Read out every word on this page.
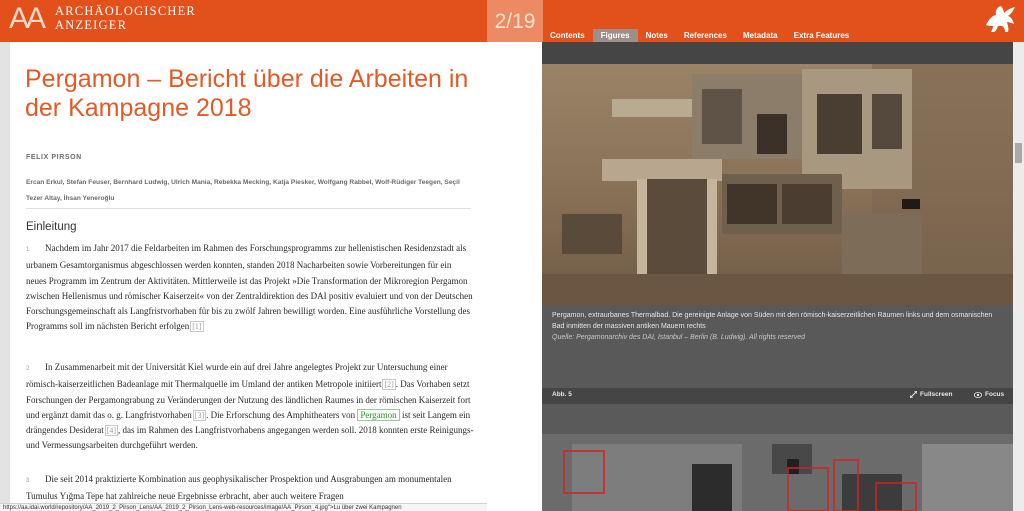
AA ARCHÄOLOGISCHER
ANZEIGER	2/19
Contents	Figures	Notes	References	Metadata	Extra Features
Pergamon – Bericht über die Arbeiten in der Kampagne 2018
FELIX PIRSON
Ercan Erkul, Stefan Feuser, Bernhard Ludwig, Ulrich Mania, Rebekka Mecking, Katja Piesker, Wolfgang Rabbel, Wolf-Rüdiger Teegen, Seçil Tezer Altay, İhsan Yeneroğlu
Einleitung

1 Nachdem im Jahr 2017 die Feldarbeiten im Rahmen des Forschungsprogramms zur hellenistischen Residenzstadt als urbanem Gesamtorganismus abgeschlossen werden konnten, standen 2018 Nacharbeiten sowie Vorbereitungen für ein neues Programm im Zentrum der Aktivitäten. Mittlerweile ist das Projekt »Die Transformation der Mikroregion Pergamon zwischen Hellenismus und römischer Kaiserzeit« von der Zentraldirektion des DAI positiv evaluiert und von der Deutschen Forschungsgemeinschaft als Langfristvorhaben für bis zu zwölf Jahren bewilligt worden. Eine ausführliche Vorstellung des Programms soll im nächsten Bericht erfolgen [1]

2 In Zusammenarbeit mit der Universität Kiel wurde ein auf drei Jahre angelegtes Projekt zur Untersuchung einer römisch-kaiserzeitlichen Badeanlage mit Thermalquelle im Umland der antiken Metropole initiiert [2] . Das Vorhaben setzt Forschungen der Pergamongrabung zu Veränderungen der Nutzung des ländlichen Raumes in der römischen Kaiserzeit fort und ergänzt damit das o. g. Langfristvorhaben [3] . Die Erforschung des Amphitheaters von Pergamon ist seit Langem ein drängendes Desiderat [4] , das im Rahmen des Langfristvorhabens angegangen werden soll. 2018 konnten erste Reinigungs- und Vermessungsarbeiten durchgeführt werden.

3 Die seit 2014 praktizierte Kombination aus geophysikalischer Prospektion und Ausgrabungen am monumentalen Tumulus Yığma Tepe hat zahlreiche neue Ergebnisse erbracht, aber auch weitere Fragen

https://aa.idai.world/repository/AA_2019_2_Pirson_Lens/AA_2019_2_Pirson_Lens-web-resources/image/AA_Pirson_4.jpg">Lu über zwei Kampagnen
Pergamon, extraurbanes Thermalbad. Die gereinigte Anlage von Süden mit den römisch-kaiserzeitlichen Räumen links und dem osmanischen Bad inmitten der massiven antiken Mauern rechts
Quelle: Pergamonarchiv des DAI, Istanbul – Berlin (B. Ludwig). All rights reserved
Abb. 5	Fullscreen	Focus
